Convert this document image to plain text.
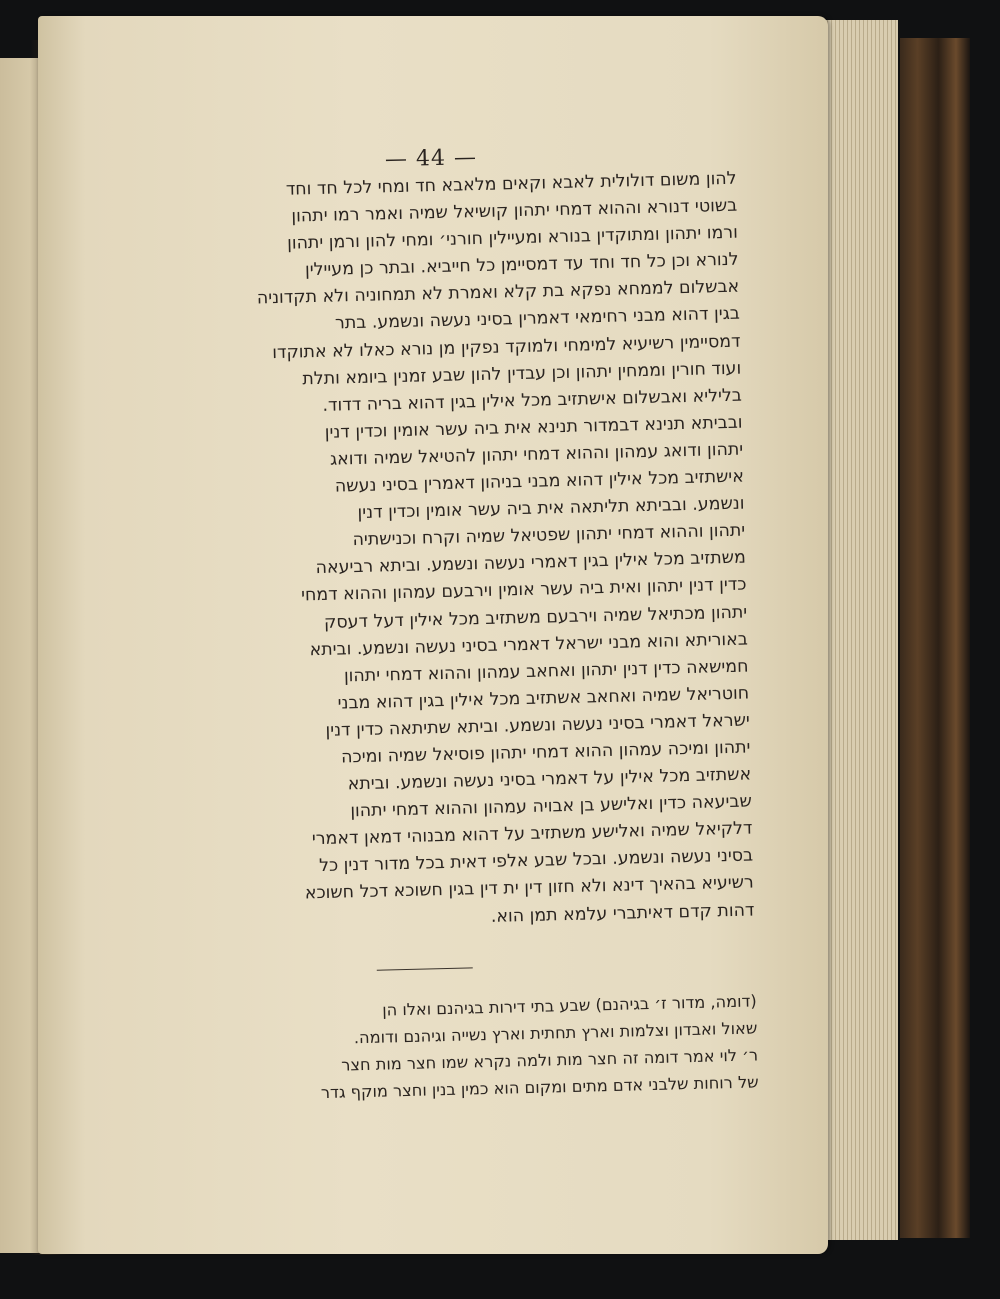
— 44 —
להון משום דולולית לאבא וקאים מלאבא חד ומחי לכל חד וחד
בשוטי דנורא וההוא דמחי יתהון קושיאל שמיה ואמר רמו יתהון
ורמו יתהון ומתוקדין בנורא ומעיילין חורני׳ ומחי להון ורמן יתהון
לנורא וכן כל חד וחד עד דמסיימן כל חייביא. ובתר כן מעיילין
אבשלום לממחא נפקא בת קלא ואמרת לא תמחוניה ולא תקדוניה
בגין דהוא מבני רחימאי דאמרין בסיני נעשה ונשמע. בתר
דמסיימין רשיעיא למימחי ולמוקד נפקין מן נורא כאלו לא אתוקדו
ועוד חורין וממחין יתהון וכן עבדין להון שבע זמנין ביומא ותלת
בליליא ואבשלום אישתזיב מכל אילין בגין דהוא בריה דדוד.
ובביתא תנינא דבמדור תנינא אית ביה עשר אומין וכדין דנין
יתהון ודואג עמהון וההוא דמחי יתהון להטיאל שמיה ודואג
אישתזיב מכל אילין דהוא מבני בניהון דאמרין בסיני נעשה
ונשמע. ובביתא תליתאה אית ביה עשר אומין וכדין דנין
יתהון וההוא דמחי יתהון שפטיאל שמיה וקרח וכנישתיה
משתזיב מכל אילין בגין דאמרי נעשה ונשמע. וביתא רביעאה
כדין דנין יתהון ואית ביה עשר אומין וירבעם עמהון וההוא דמחי
יתהון מכתיאל שמיה וירבעם משתזיב מכל אילין דעל דעסק
באוריתא והוא מבני ישראל דאמרי בסיני נעשה ונשמע. וביתא
חמישאה כדין דנין יתהון ואחאב עמהון וההוא דמחי יתהון
חוטריאל שמיה ואחאב אשתזיב מכל אילין בגין דהוא מבני
ישראל דאמרי בסיני נעשה ונשמע. וביתא שתיתאה כדין דנין
יתהון ומיכה עמהון ההוא דמחי יתהון פוסיאל שמיה ומיכה
אשתזיב מכל אילין על דאמרי בסיני נעשה ונשמע. וביתא
שביעאה כדין ואלישע בן אבויה עמהון וההוא דמחי יתהון
דלקיאל שמיה ואלישע משתזיב על דהוא מבנוהי דמאן דאמרי
בסיני נעשה ונשמע. ובכל שבע אלפי דאית בכל מדור דנין כל
רשיעיא בהאיך דינא ולא חזון דין ית דין בגין חשוכא דכל חשוכא
דהות קדם דאיתברי עלמא תמן הוא.
(דומה, מדור ז׳ בגיהנם) שבע בתי דירות בגיהנם ואלו הן
שאול ואבדון וצלמות וארץ תחתית וארץ נשייה וגיהנם ודומה.
ר׳ לוי אמר דומה זה חצר מות ולמה נקרא שמו חצר מות חצר
של רוחות שלבני אדם מתים ומקום הוא כמין בנין וחצר מוקף גדר
